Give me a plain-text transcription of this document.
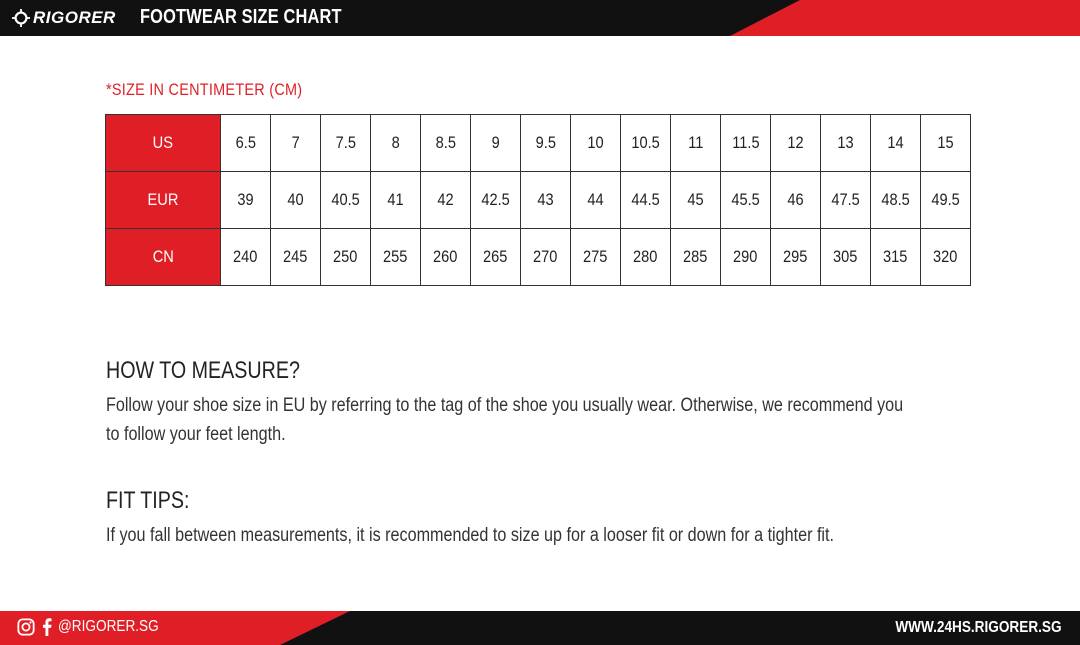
RIGORER FOOTWEAR SIZE CHART
*SIZE IN CENTIMETER (CM)
US	6.5	7	7.5	8	8.5	9	9.5	10	10.5	11	11.5	12	13	14	15
EUR	39	40	40.5	41	42	42.5	43	44	44.5	45	45.5	46	47.5	48.5	49.5
CN	240	245	250	255	260	265	270	275	280	285	290	295	305	315	320
HOW TO MEASURE?
Follow your shoe size in EU by referring to the tag of the shoe you usually wear. Otherwise, we recommend you to follow your feet length.
FIT TIPS:
If you fall between measurements, it is recommended to size up for a looser fit or down for a tighter fit.
@RIGORER.SG	WWW.24HS.RIGORER.SG
